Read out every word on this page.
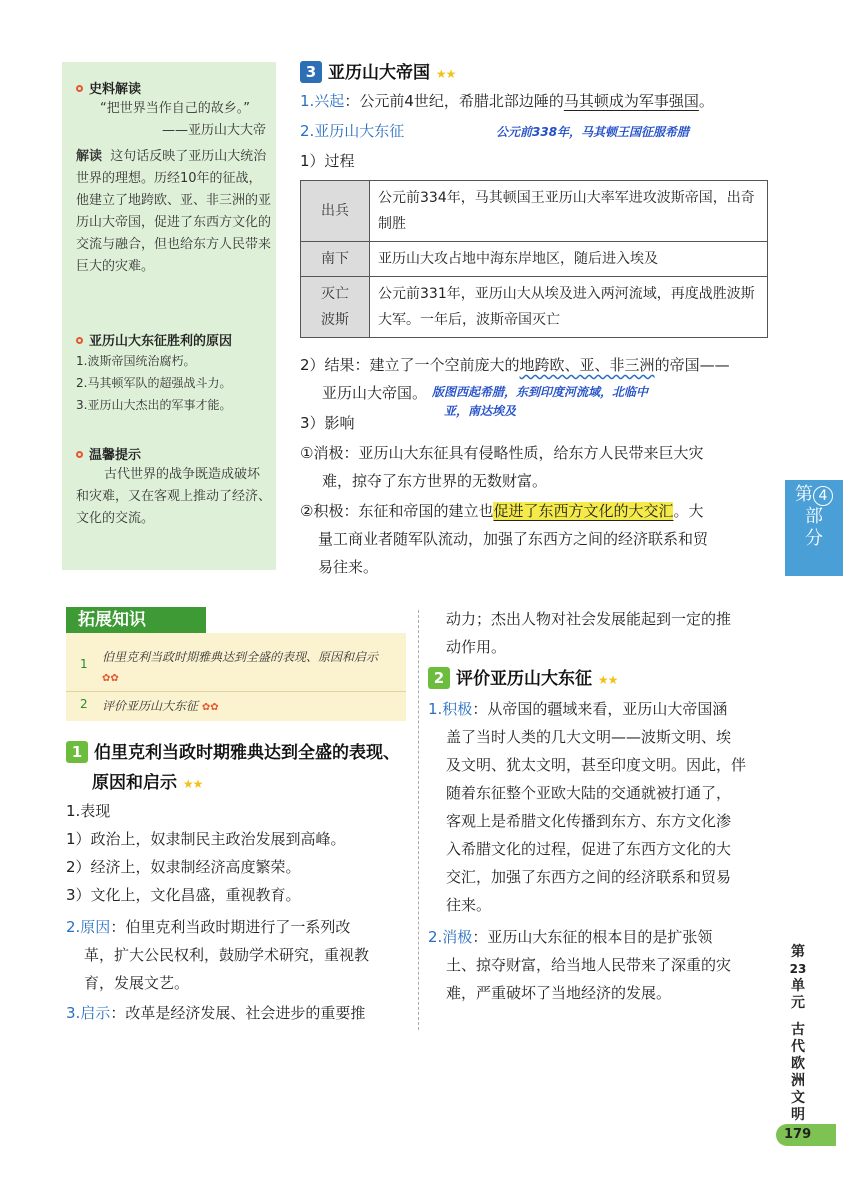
史料解读
“把世界当作自己的故乡。”
——亚历山大大帝
解读 这句话反映了亚历山大统治世界的理想。历经10年的征战，他建立了地跨欧、亚、非三洲的亚历山大帝国，促进了东西方文化的交流与融合，但也给东方人民带来巨大的灾难。
亚历山大东征胜利的原因
1.波斯帝国统治腐朽。
2.马其顿军队的超强战斗力。
3.亚历山大杰出的军事才能。
温馨提示
古代世界的战争既造成破坏和灾难，又在客观上推动了经济、文化的交流。
3 亚历山大帝国 ★★
1.兴起：公元前4世纪，希腊北部边陲的马其顿成为军事强国。
2.亚历山大东征	公元前338年，马其顿王国征服希腊
1）过程
出兵	公元前334年，马其顿国王亚历山大率军进攻波斯帝国，出奇制胜
南下	亚历山大攻占地中海东岸地区，随后进入埃及
灭亡
波斯	公元前331年，亚历山大从埃及进入两河流域，再度战胜波斯大军。一年后，波斯帝国灭亡
2）结果：建立了一个空前庞大的地跨欧、亚、非三洲的帝国——
亚历山大帝国。 版图西起希腊，东到印度河流域，北临中
亚，南达埃及
3）影响
①消极：亚历山大东征具有侵略性质，给东方人民带来巨大灾
难，掠夺了东方世界的无数财富。
②积极：东征和帝国的建立也促进了东西方文化的大交汇。大
量工商业者随军队流动，加强了东西方之间的经济联系和贸
易往来。
第 4
部
分
第
23
单
元
古
代
欧
洲
文
明
179
拓展知识
1 伯里克利当政时期雅典达到全盛的表现、原因和启示 ✿✿
2 评价亚历山大东征 ✿✿
1 伯里克利当政时期雅典达到全盛的表现、
原因和启示 ★★
1.表现
1）政治上，奴隶制民主政治发展到高峰。
2）经济上，奴隶制经济高度繁荣。
3）文化上，文化昌盛，重视教育。
2.原因：伯里克利当政时期进行了一系列改
革，扩大公民权利，鼓励学术研究，重视教
育，发展文艺。
3.启示：改革是经济发展、社会进步的重要推
动力；杰出人物对社会发展能起到一定的推
动作用。
2 评价亚历山大东征 ★★
1.积极：从帝国的疆域来看，亚历山大帝国涵
盖了当时人类的几大文明——波斯文明、埃
及文明、犹太文明，甚至印度文明。因此，伴
随着东征整个亚欧大陆的交通就被打通了，
客观上是希腊文化传播到东方、东方文化渗
入希腊文化的过程，促进了东西方文化的大
交汇，加强了东西方之间的经济联系和贸易
往来。
2.消极：亚历山大东征的根本目的是扩张领
土、掠夺财富，给当地人民带来了深重的灾
难，严重破坏了当地经济的发展。
